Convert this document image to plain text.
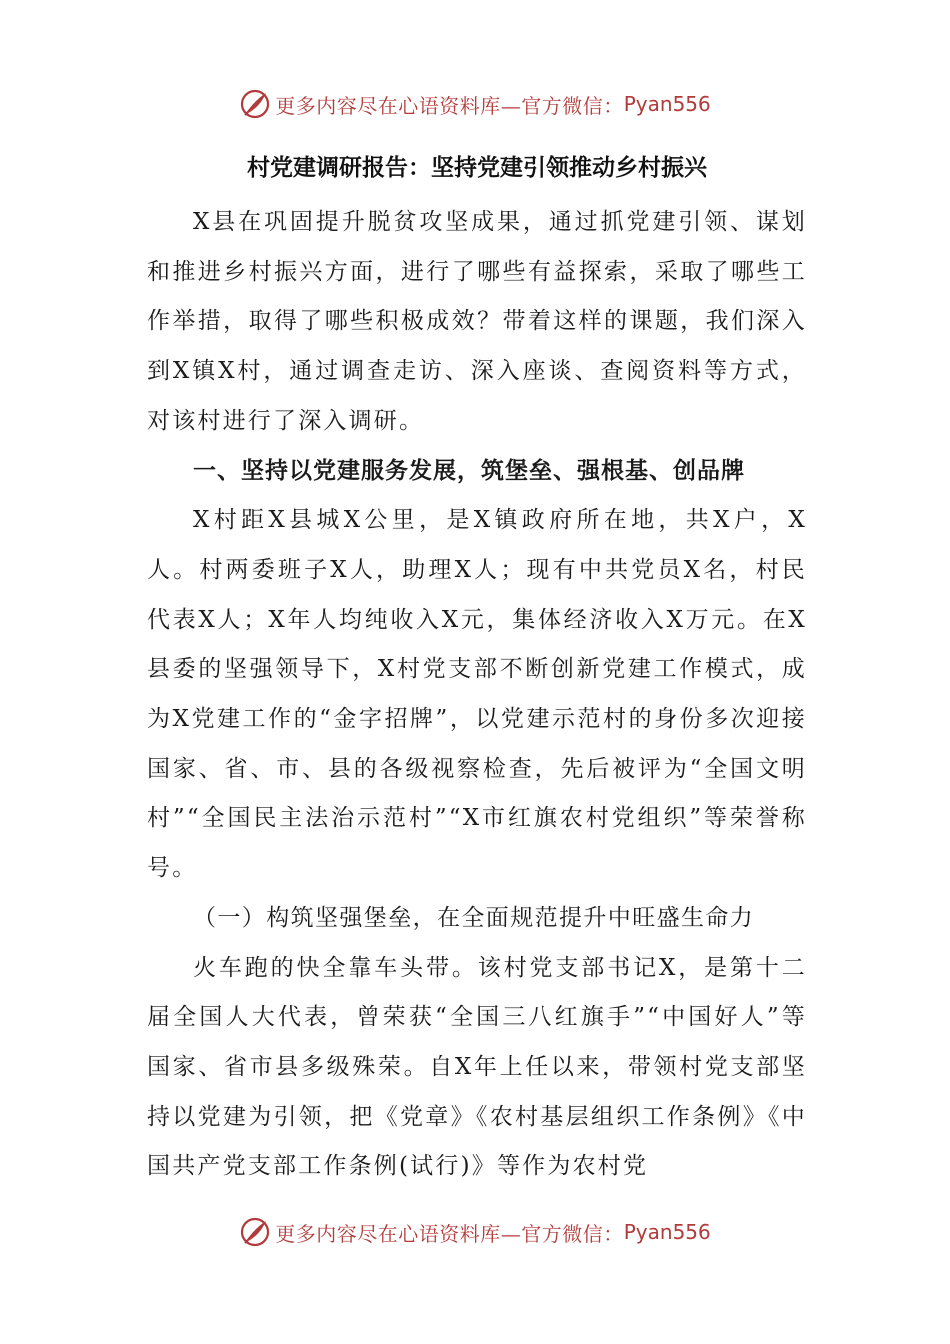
更多内容尽在心语资料库—官方微信： Pyan556
村党建调研报告：坚持党建引领推动乡村振兴

X县在巩固提升脱贫攻坚成果，通过抓党建引领、谋划和推进乡村振兴方面，进行了哪些有益探索，采取了哪些工作举措，取得了哪些积极成效？带着这样的课题，我们深入到X镇X村，通过调查走访、深入座谈、查阅资料等方式，对该村进行了深入调研。

一、坚持以党建服务发展，筑堡垒、强根基、创品牌

X村距X县城X公里，是X镇政府所在地，共X户，X人。村两委班子X人，助理X人；现有中共党员X名，村民代表X人；X年人均纯收入X元，集体经济收入X万元。在X县委的坚强领导下，X村党支部不断创新党建工作模式，成为X党建工作的“金字招牌”，以党建示范村的身份多次迎接国家、省、市、县的各级视察检查，先后被评为“全国文明村”“全国民主法治示范村”“X市红旗农村党组织”等荣誉称号。

（一）构筑坚强堡垒，在全面规范提升中旺盛生命力

火车跑的快全靠车头带。该村党支部书记X，是第十二届全国人大代表，曾荣获“全国三八红旗手”“中国好人”等国家、省市县多级殊荣。自X年上任以来，带领村党支部坚持以党建为引领，把《党章》《农村基层组织工作条例》《中国共产党支部工作条例(试行)》等作为农村党

更多内容尽在心语资料库—官方微信： Pyan556
